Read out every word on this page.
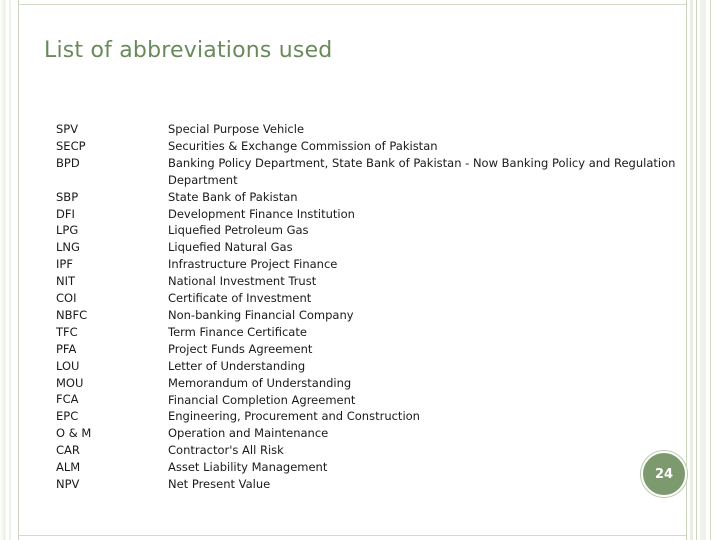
List of abbreviations used
SPV
SECP
BPD
SBP
DFI
LPG
LNG
IPF
NIT
COI
NBFC
TFC
PFA
LOU
MOU
FCA
EPC
O & M
CAR
ALM
NPV
Special Purpose Vehicle
Securities & Exchange Commission of Pakistan
Banking Policy Department, State Bank of Pakistan - Now Banking Policy and Regulation
Department
State Bank of Pakistan
Development Finance Institution
Liquefied Petroleum Gas
Liquefied Natural Gas
Infrastructure Project Finance
National Investment Trust
Certificate of Investment
Non-banking Financial Company
Term Finance Certificate
Project Funds Agreement
Letter of Understanding
Memorandum of Understanding
Financial Completion Agreement
Engineering, Procurement and Construction
Operation and Maintenance
Contractor's All Risk
Asset Liability Management
Net Present Value
24
